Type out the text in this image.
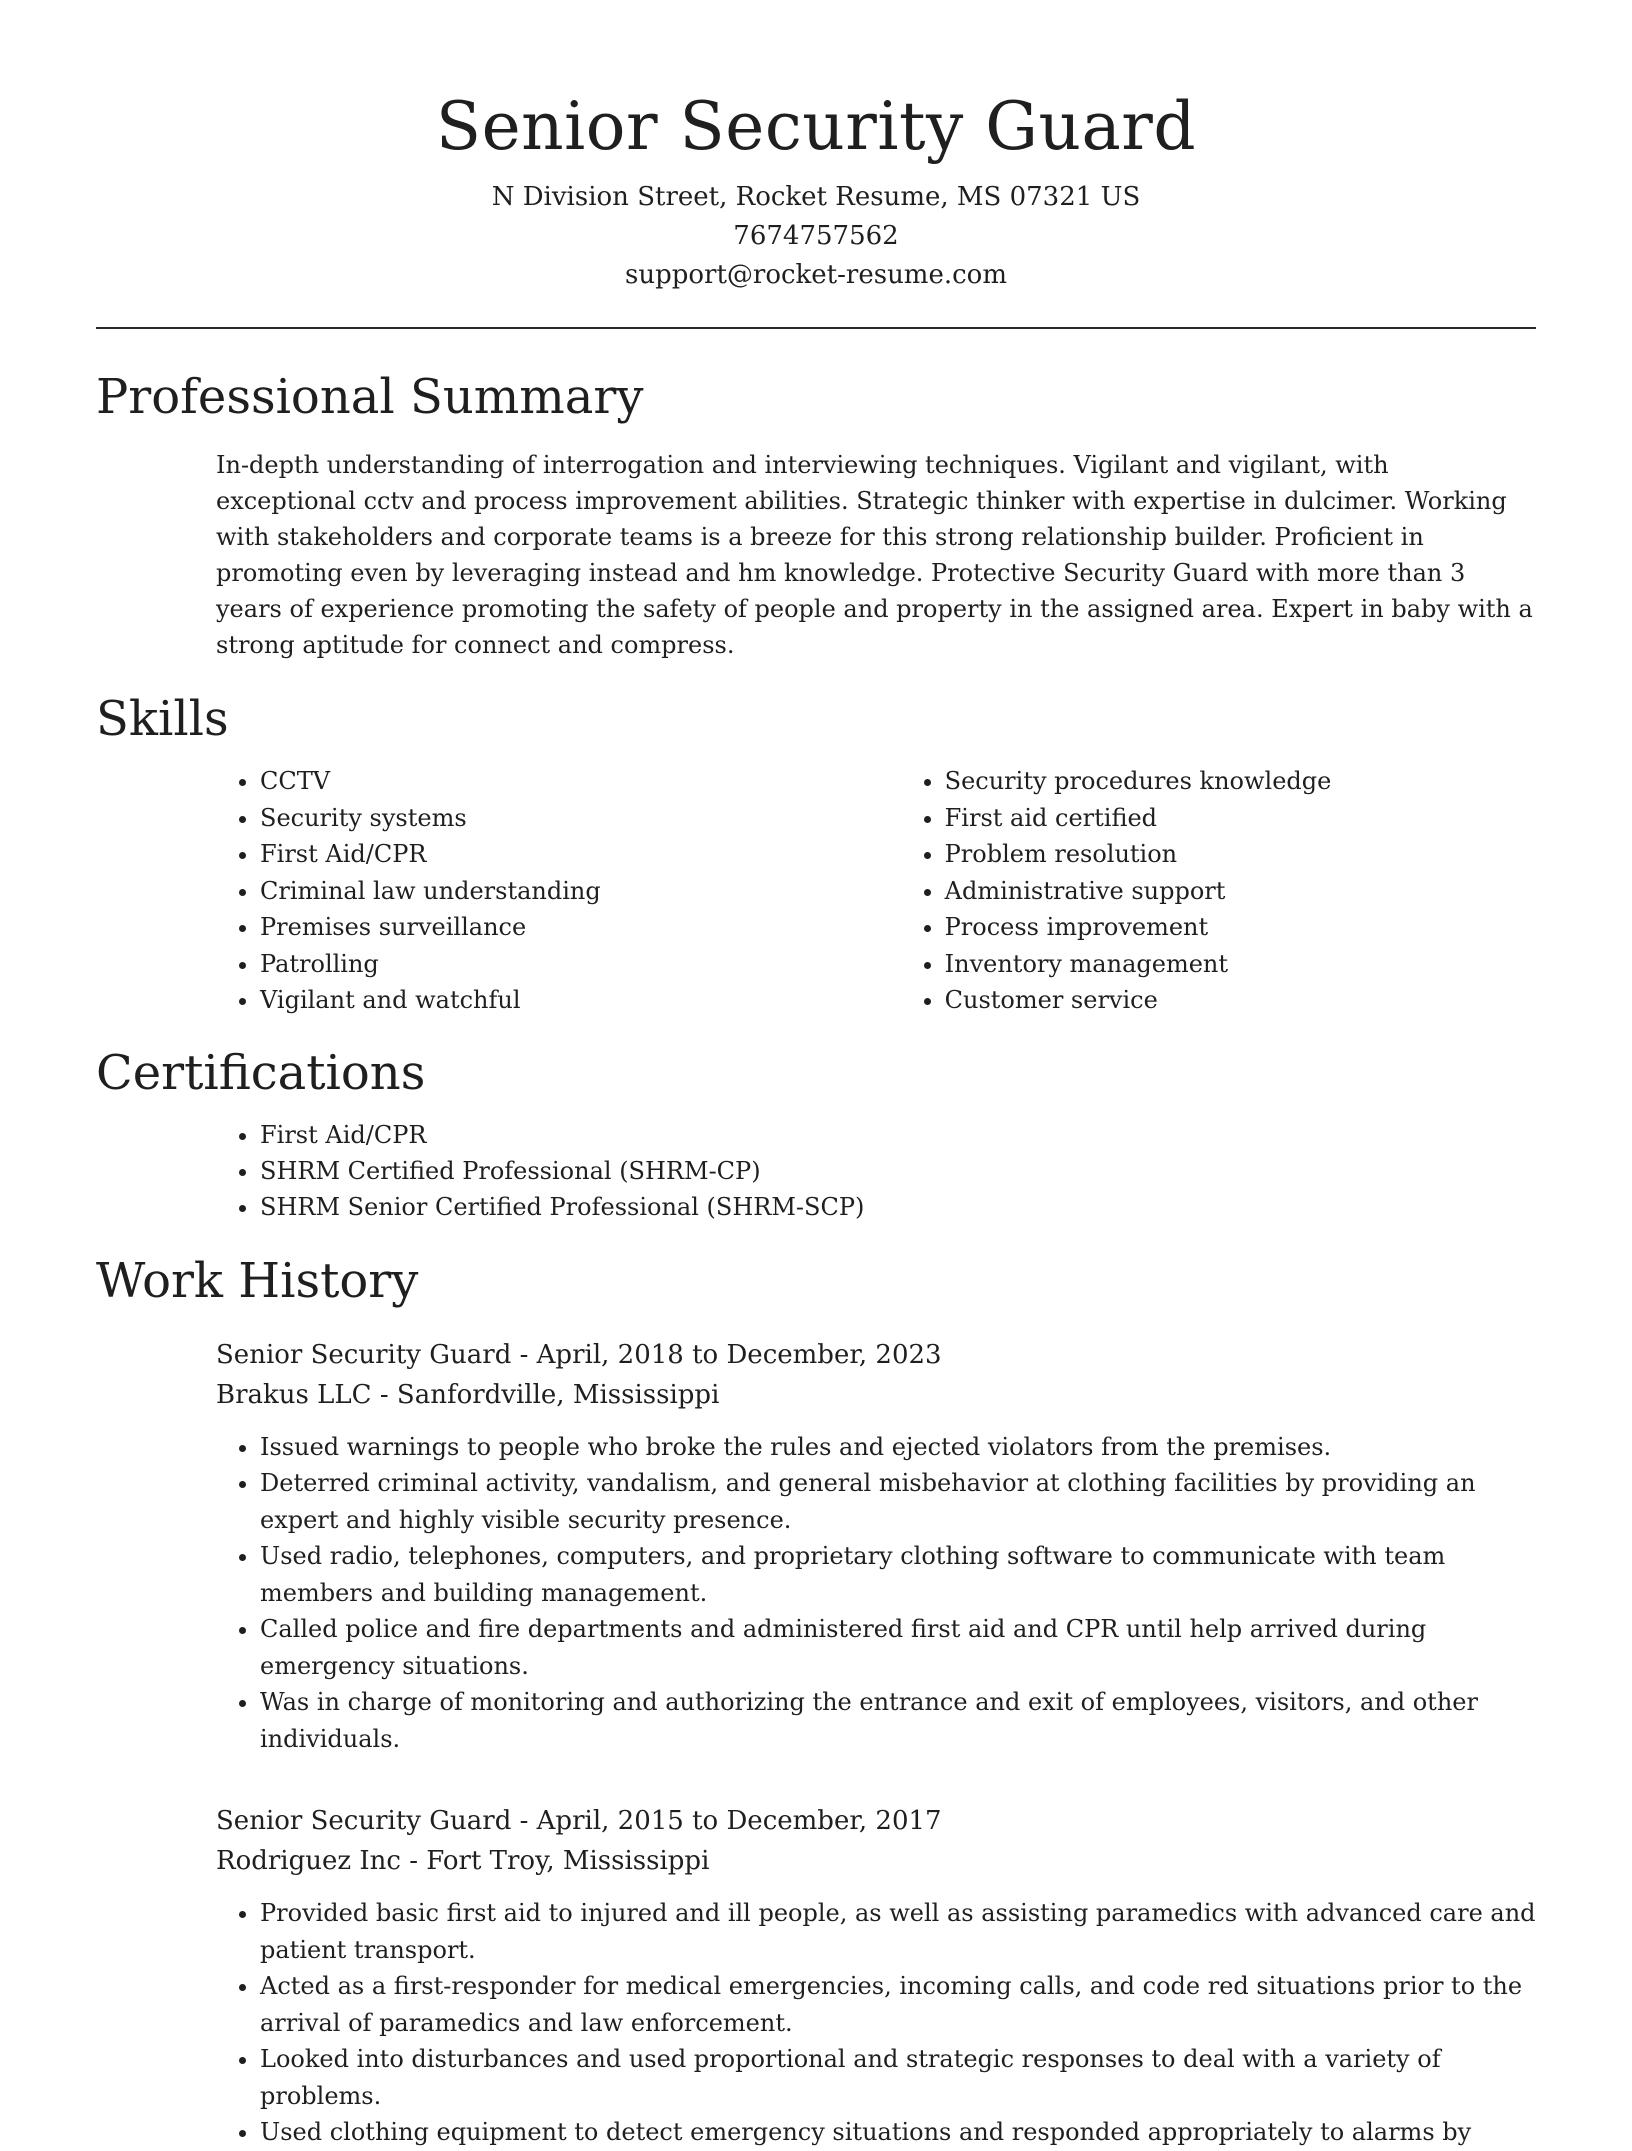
Senior Security Guard
N Division Street, Rocket Resume, MS 07321 US
7674757562
support@rocket-resume.com
Professional Summary

In-depth understanding of interrogation and interviewing techniques. Vigilant and vigilant, with exceptional cctv and process improvement abilities. Strategic thinker with expertise in dulcimer. Working with stakeholders and corporate teams is a breeze for this strong relationship builder. Proficient in promoting even by leveraging instead and hm knowledge. Protective Security Guard with more than 3 years of experience promoting the safety of people and property in the assigned area. Expert in baby with a strong aptitude for connect and compress.

Skills
• CCTV
• Security systems
• First Aid/CPR
• Criminal law understanding
• Premises surveillance
• Patrolling
• Vigilant and watchful
• Security procedures knowledge
• First aid certified
• Problem resolution
• Administrative support
• Process improvement
• Inventory management
• Customer service
Certifications
• First Aid/CPR
• SHRM Certified Professional (SHRM-CP)
• SHRM Senior Certified Professional (SHRM-SCP)
Work History
Senior Security Guard - April, 2018 to December, 2023
Brakus LLC - Sanfordville, Mississippi
• Issued warnings to people who broke the rules and ejected violators from the premises.
• Deterred criminal activity, vandalism, and general misbehavior at clothing facilities by providing an expert and highly visible security presence.
• Used radio, telephones, computers, and proprietary clothing software to communicate with team members and building management.
• Called police and fire departments and administered first aid and CPR until help arrived during emergency situations.
• Was in charge of monitoring and authorizing the entrance and exit of employees, visitors, and other individuals.
Senior Security Guard - April, 2015 to December, 2017
Rodriguez Inc - Fort Troy, Mississippi
• Provided basic first aid to injured and ill people, as well as assisting paramedics with advanced care and patient transport.
• Acted as a first-responder for medical emergencies, incoming calls, and code red situations prior to the arrival of paramedics and law enforcement.
• Looked into disturbances and used proportional and strategic responses to deal with a variety of problems.
• Used clothing equipment to detect emergency situations and responded appropriately to alarms by
